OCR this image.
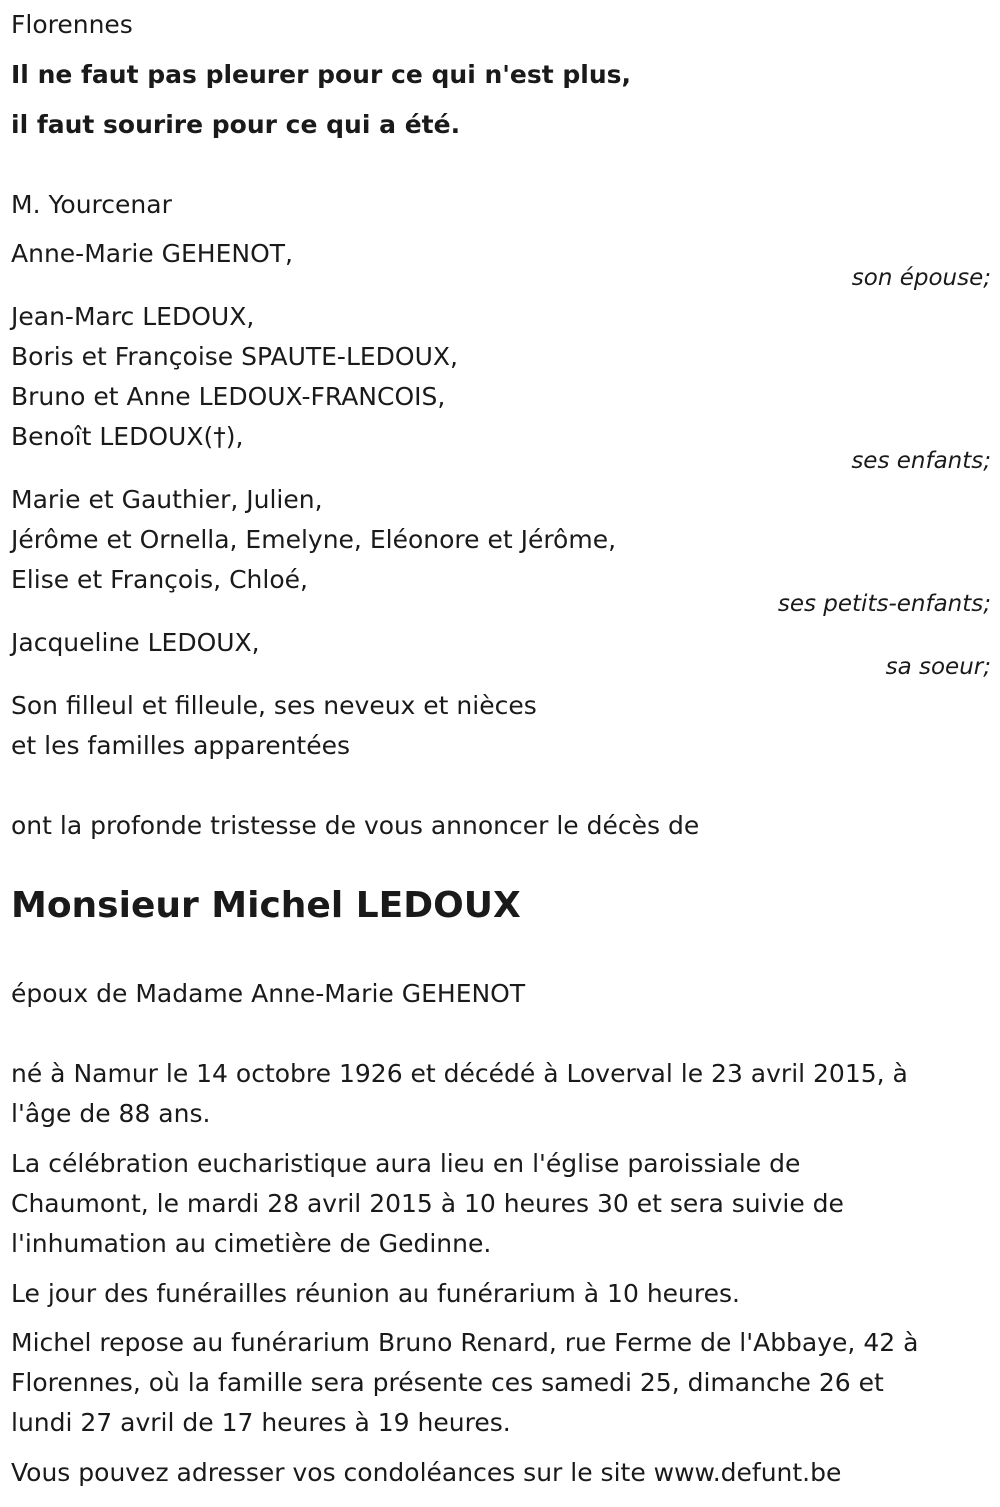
Florennes
Il ne faut pas pleurer pour ce qui n'est plus,
il faut sourire pour ce qui a été.
M. Yourcenar
Anne-Marie GEHENOT,
son épouse;
Jean-Marc LEDOUX,
Boris et Françoise SPAUTE-LEDOUX,
Bruno et Anne LEDOUX-FRANCOIS,
Benoît LEDOUX(†),
ses enfants;
Marie et Gauthier, Julien,
Jérôme et Ornella, Emelyne, Eléonore et Jérôme,
Elise et François, Chloé,
ses petits-enfants;
Jacqueline LEDOUX,
sa soeur;
Son filleul et filleule, ses neveux et nièces
et les familles apparentées
ont la profonde tristesse de vous annoncer le décès de
Monsieur Michel LEDOUX
époux de Madame Anne-Marie GEHENOT
né à Namur le 14 octobre 1926 et décédé à Loverval le 23 avril 2015, à
l'âge de 88 ans.
La célébration eucharistique aura lieu en l'église paroissiale de
Chaumont, le mardi 28 avril 2015 à 10 heures 30 et sera suivie de
l'inhumation au cimetière de Gedinne.
Le jour des funérailles réunion au funérarium à 10 heures.
Michel repose au funérarium Bruno Renard, rue Ferme de l'Abbaye, 42 à
Florennes, où la famille sera présente ces samedi 25, dimanche 26 et
lundi 27 avril de 17 heures à 19 heures.
Vous pouvez adresser vos condoléances sur le site www.defunt.be
